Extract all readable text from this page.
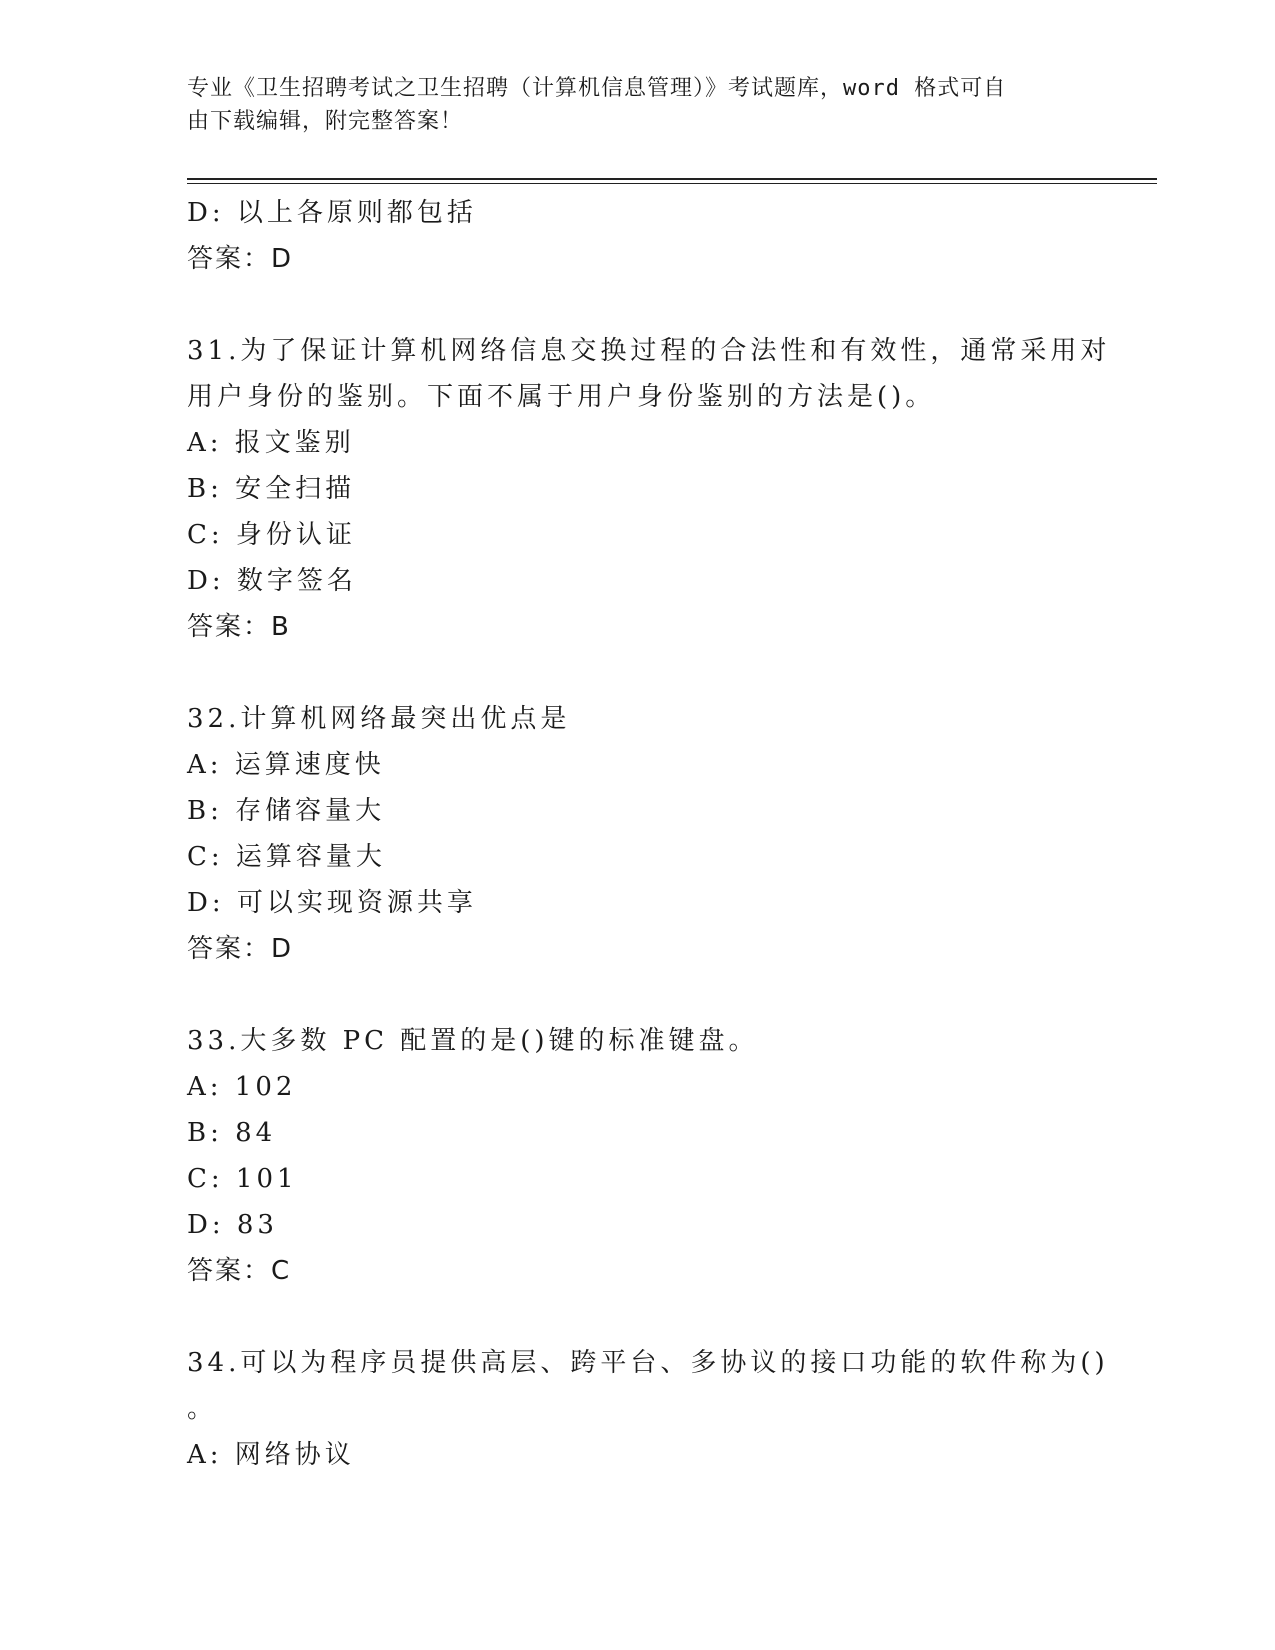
专业《卫生招聘考试之卫生招聘（计算机信息管理）》考试题库，word 格式可自
由下载编辑，附完整答案！
D: 以上各原则都包括
答案：D
31.为了保证计算机网络信息交换过程的合法性和有效性，通常采用对
用户身份的鉴别。下面不属于用户身份鉴别的方法是()。
A: 报文鉴别
B: 安全扫描
C: 身份认证
D: 数字签名
答案：B
32.计算机网络最突出优点是
A: 运算速度快
B: 存储容量大
C: 运算容量大
D: 可以实现资源共享
答案：D
33.大多数 PC 配置的是()键的标准键盘。
A: 102
B: 84
C: 101
D: 83
答案：C
34.可以为程序员提供高层、跨平台、多协议的接口功能的软件称为()
。
A: 网络协议
